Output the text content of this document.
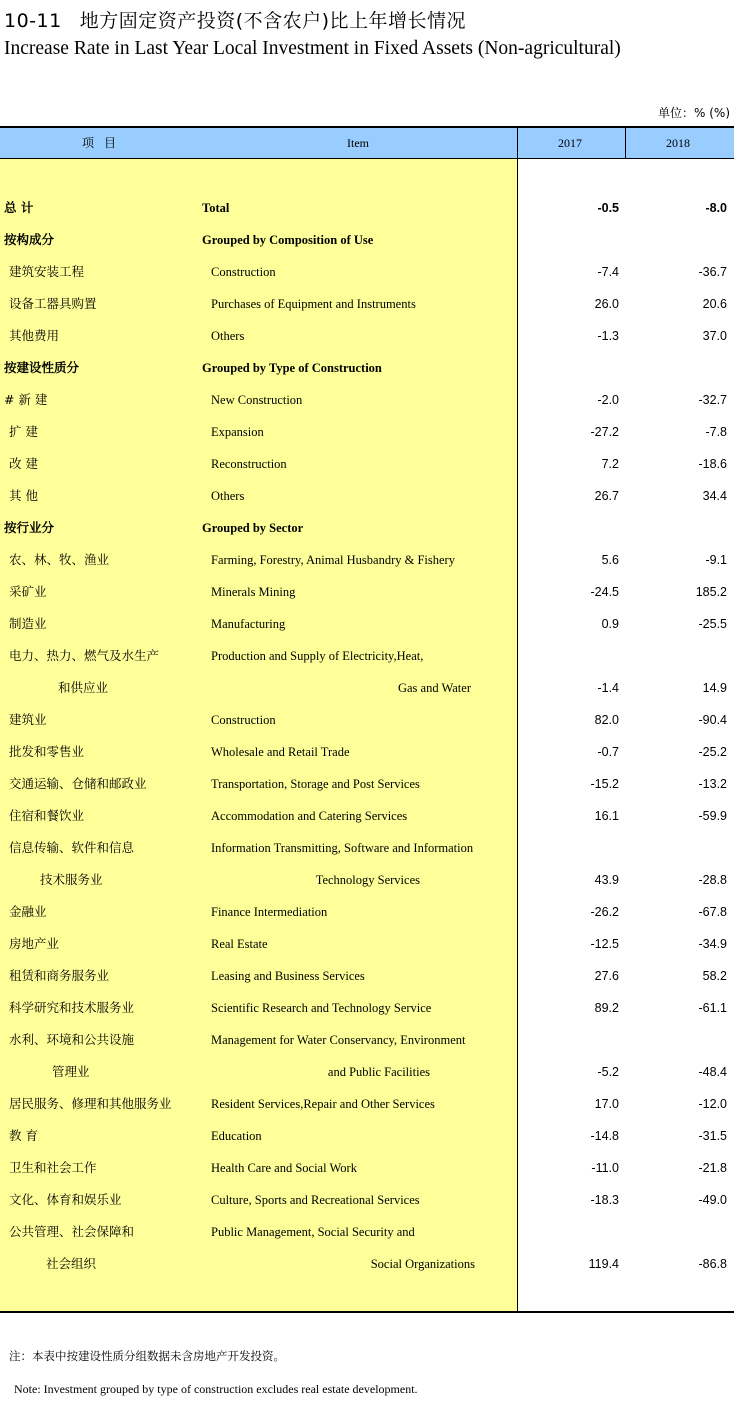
10-11 地方固定资产投资(不含农户)比上年增长情况
Increase Rate in Last Year Local Investment in Fixed Assets (Non-agricultural)
单位：% (%)
项目	Item	2017	2018
总 计	Total	-0.5	-8.0
按构成分	Grouped by Composition of Use
建筑安装工程	Construction	-7.4	-36.7
设备工器具购置	Purchases of Equipment and Instruments	26.0	20.6
其他费用	Others	-1.3	37.0
按建设性质分	Grouped by Type of Construction
# 新 建	New Construction	-2.0	-32.7
扩 建	Expansion	-27.2	-7.8
改 建	Reconstruction	7.2	-18.6
其 他	Others	26.7	34.4
按行业分	Grouped by Sector
农、林、牧、渔业	Farming, Forestry, Animal Husbandry & Fishery	5.6	-9.1
采矿业	Minerals Mining	-24.5	185.2
制造业	Manufacturing	0.9	-25.5
电力、热力、燃气及水生产	Production and Supply of Electricity,Heat,
和供应业	Gas and Water	-1.4	14.9
建筑业	Construction	82.0	-90.4
批发和零售业	Wholesale and Retail Trade	-0.7	-25.2
交通运输、仓储和邮政业	Transportation, Storage and Post Services	-15.2	-13.2
住宿和餐饮业	Accommodation and Catering Services	16.1	-59.9
信息传输、软件和信息	Information Transmitting, Software and Information
技术服务业	Technology Services	43.9	-28.8
金融业	Finance Intermediation	-26.2	-67.8
房地产业	Real Estate	-12.5	-34.9
租赁和商务服务业	Leasing and Business Services	27.6	58.2
科学研究和技术服务业	Scientific Research and Technology Service	89.2	-61.1
水利、环境和公共设施	Management for Water Conservancy, Environment
管理业	and Public Facilities	-5.2	-48.4
居民服务、修理和其他服务业	Resident Services,Repair and Other Services	17.0	-12.0
教 育	Education	-14.8	-31.5
卫生和社会工作	Health Care and Social Work	-11.0	-21.8
文化、体育和娱乐业	Culture, Sports and Recreational Services	-18.3	-49.0
公共管理、社会保障和	Public Management, Social Security and
社会组织	Social Organizations	119.4	-86.8
注：本表中按建设性质分组数据未含房地产开发投资。
Note: Investment grouped by type of construction excludes real estate development.
